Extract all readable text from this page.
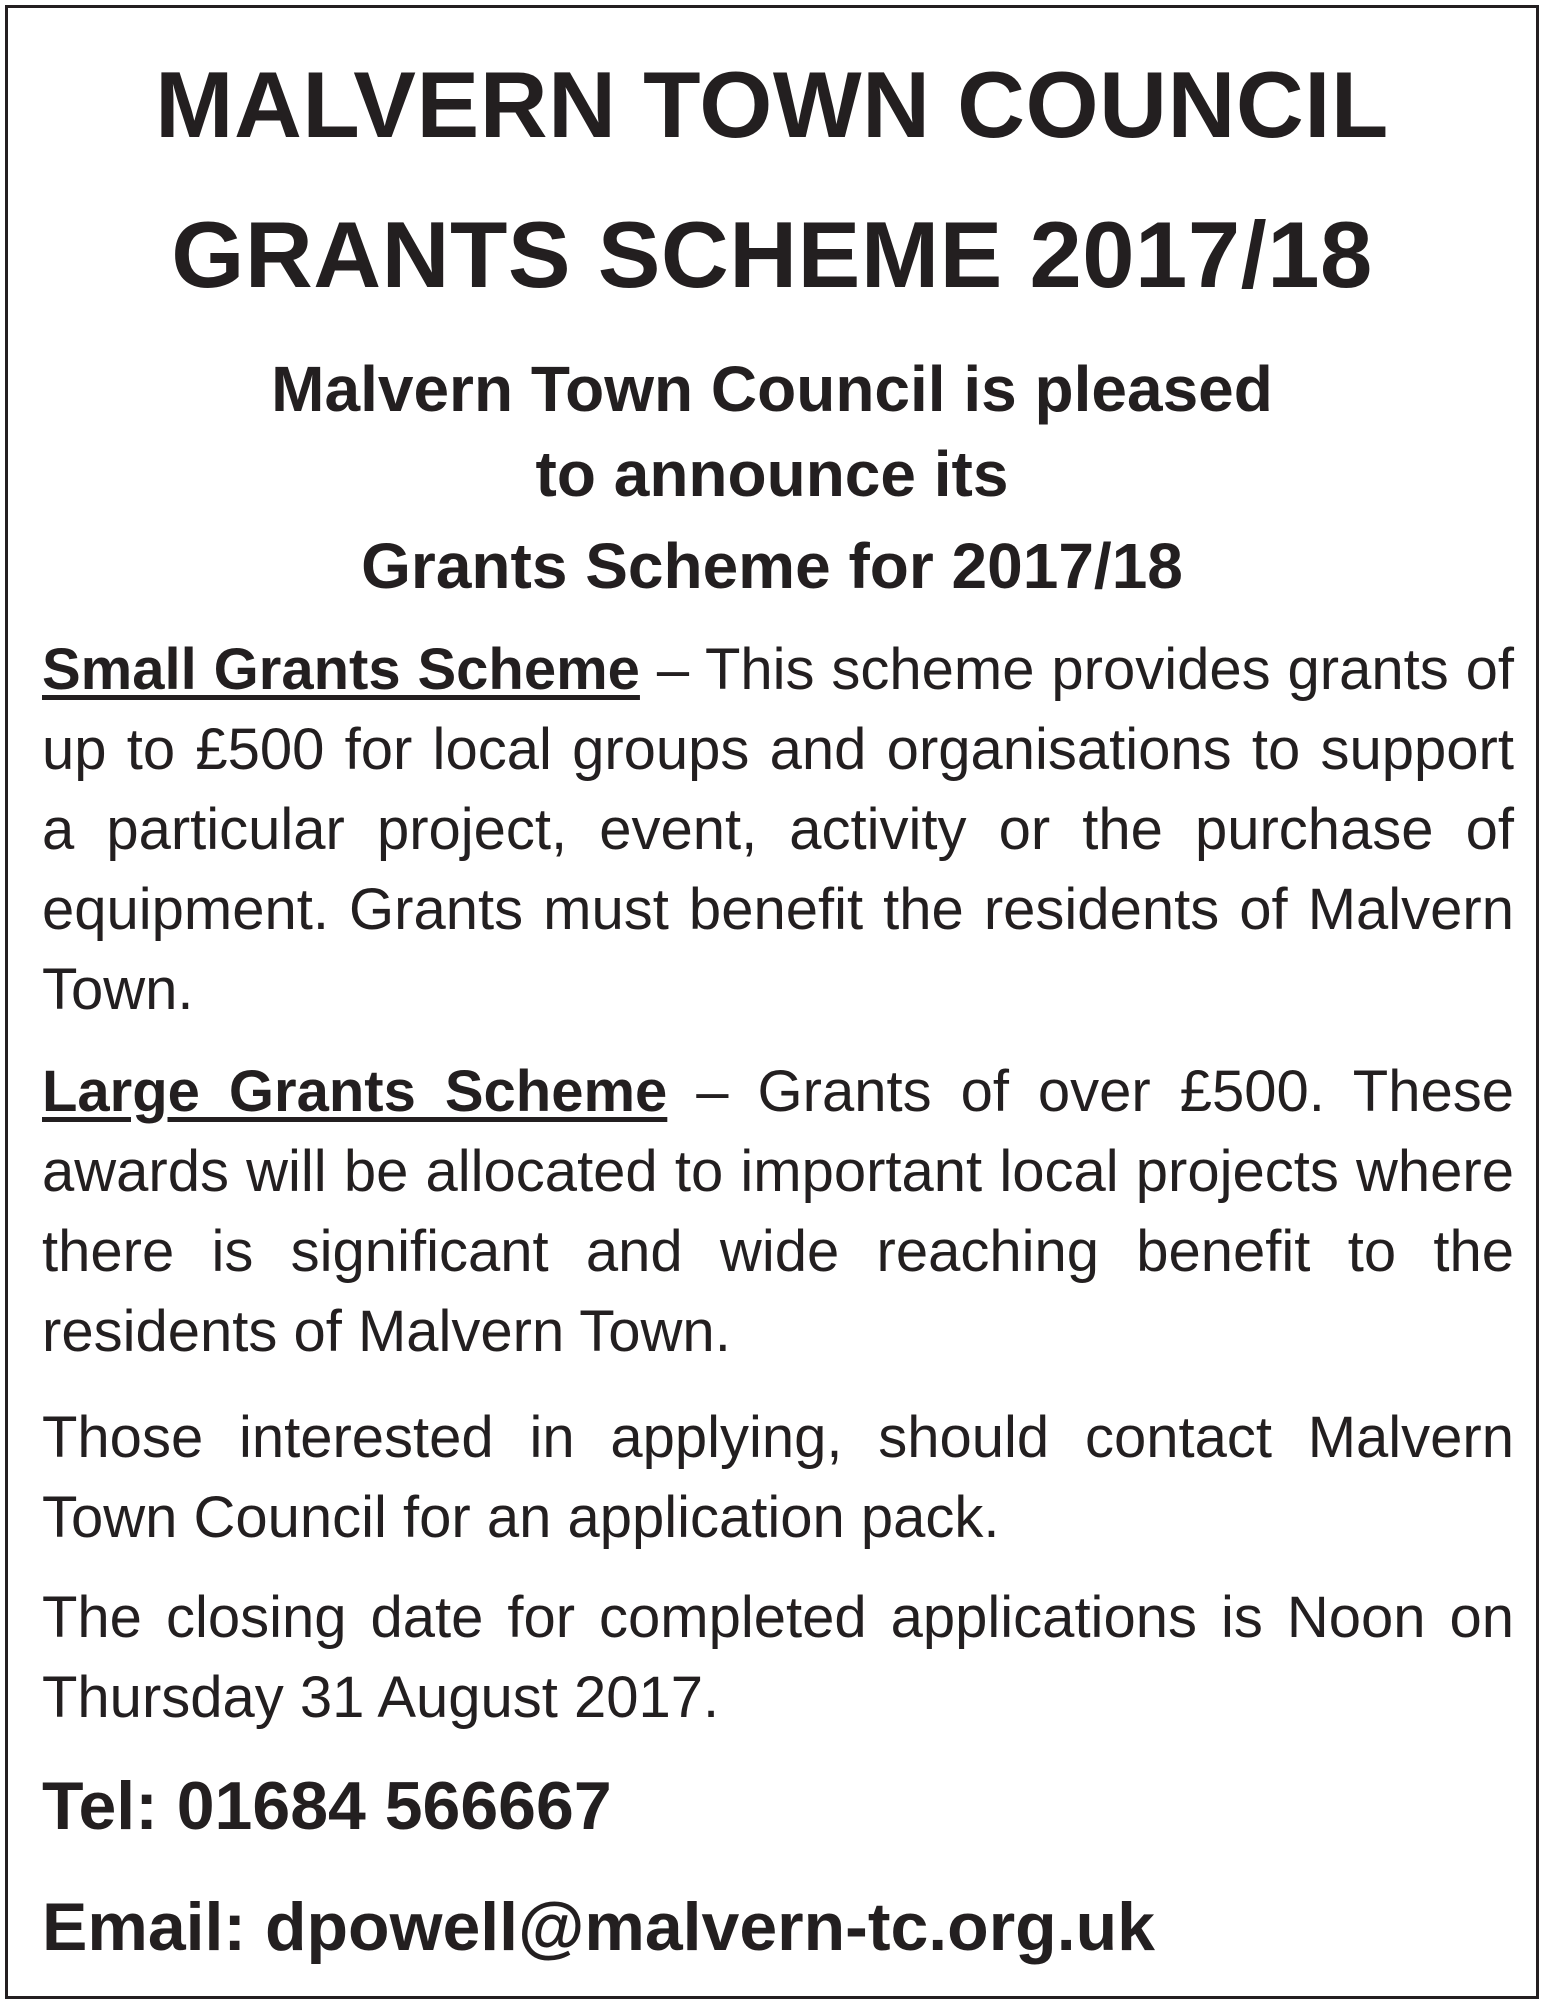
MALVERN TOWN COUNCIL
GRANTS SCHEME 2017/18
Malvern Town Council is pleased
to announce its
Grants Scheme for 2017/18
Small Grants Scheme – This scheme provides grants of up to £500 for local groups and organisations to support a particular project, event, activity or the purchase of equipment. Grants must benefit the residents of Malvern Town.
Large Grants Scheme – Grants of over £500. These awards will be allocated to important local projects where there is significant and wide reaching benefit to the residents of Malvern Town.
Those interested in applying, should contact Malvern Town Council for an application pack.
The closing date for completed applications is Noon on Thursday 31 August 2017.
Tel: 01684 566667
Email: dpowell@malvern-tc.org.uk
